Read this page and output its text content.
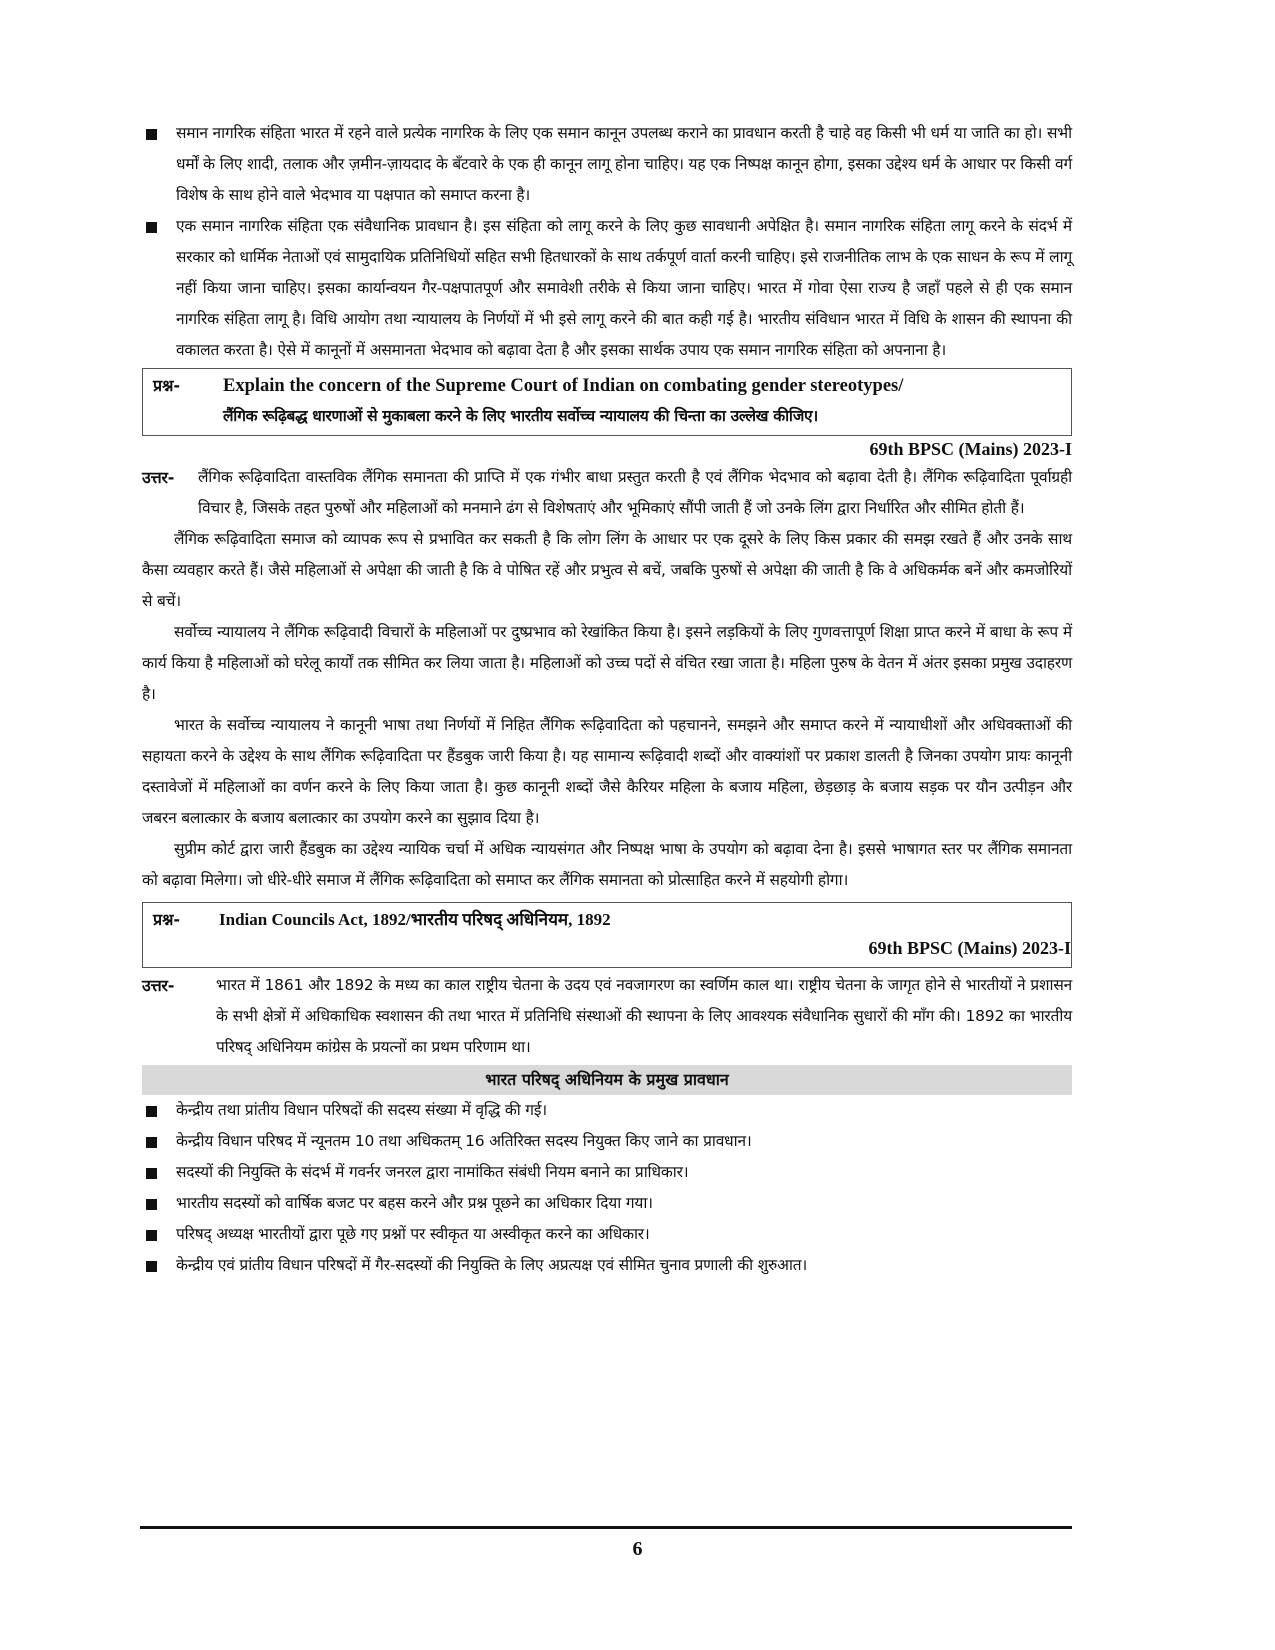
समान नागरिक संहिता भारत में रहने वाले प्रत्येक नागरिक के लिए एक समान कानून उपलब्ध कराने का प्रावधान करती है चाहे वह किसी भी धर्म या जाति का हो। सभी धर्मों के लिए शादी, तलाक और ज़मीन-ज़ायदाद के बँटवारे के एक ही कानून लागू होना चाहिए। यह एक निष्पक्ष कानून होगा, इसका उद्देश्य धर्म के आधार पर किसी वर्ग विशेष के साथ होने वाले भेदभाव या पक्षपात को समाप्त करना है।
एक समान नागरिक संहिता एक संवैधानिक प्रावधान है। इस संहिता को लागू करने के लिए कुछ सावधानी अपेक्षित है। समान नागरिक संहिता लागू करने के संदर्भ में सरकार को धार्मिक नेताओं एवं सामुदायिक प्रतिनिधियों सहित सभी हितधारकों के साथ तर्कपूर्ण वार्ता करनी चाहिए। इसे राजनीतिक लाभ के एक साधन के रूप में लागू नहीं किया जाना चाहिए। इसका कार्यान्वयन गैर-पक्षपातपूर्ण और समावेशी तरीके से किया जाना चाहिए। भारत में गोवा ऐसा राज्य है जहाँ पहले से ही एक समान नागरिक संहिता लागू है। विधि आयोग तथा न्यायालय के निर्णयों में भी इसे लागू करने की बात कही गई है। भारतीय संविधान भारत में विधि के शासन की स्थापना की वकालत करता है। ऐसे में कानूनों में असमानता भेदभाव को बढ़ावा देता है और इसका सार्थक उपाय एक समान नागरिक संहिता को अपनाना है।
प्रश्न-	Explain the concern of the Supreme Court of Indian on combating gender stereotypes/
लैंगिक रूढ़िबद्ध धारणाओं से मुकाबला करने के लिए भारतीय सर्वोच्च न्यायालय की चिन्ता का उल्लेख कीजिए।
69th BPSC (Mains) 2023-I
उत्तर-	लैंगिक रूढ़िवादिता वास्तविक लैंगिक समानता की प्राप्ति में एक गंभीर बाधा प्रस्तुत करती है एवं लैंगिक भेदभाव को बढ़ावा देती है। लैंगिक रूढ़िवादिता पूर्वाग्रही विचार है, जिसके तहत पुरुषों और महिलाओं को मनमाने ढंग से विशेषताएं और भूमिकाएं सौंपी जाती हैं जो उनके लिंग द्वारा निर्धारित और सीमित होती हैं।
लैंगिक रूढ़िवादिता समाज को व्यापक रूप से प्रभावित कर सकती है कि लोग लिंग के आधार पर एक दूसरे के लिए किस प्रकार की समझ रखते हैं और उनके साथ कैसा व्यवहार करते हैं। जैसे महिलाओं से अपेक्षा की जाती है कि वे पोषित रहें और प्रभुत्व से बचें, जबकि पुरुषों से अपेक्षा की जाती है कि वे अधिकर्मक बनें और कमजोरियों से बचें।
सर्वोच्च न्यायालय ने लैंगिक रूढ़िवादी विचारों के महिलाओं पर दुष्प्रभाव को रेखांकित किया है। इसने लड़कियों के लिए गुणवत्तापूर्ण शिक्षा प्राप्त करने में बाधा के रूप में कार्य किया है महिलाओं को घरेलू कार्यों तक सीमित कर लिया जाता है। महिलाओं को उच्च पदों से वंचित रखा जाता है। महिला पुरुष के वेतन में अंतर इसका प्रमुख उदाहरण है।
भारत के सर्वोच्च न्यायालय ने कानूनी भाषा तथा निर्णयों में निहित लैंगिक रूढ़िवादिता को पहचानने, समझने और समाप्त करने में न्यायाधीशों और अधिवक्ताओं की सहायता करने के उद्देश्य के साथ लैंगिक रूढ़िवादिता पर हैंडबुक जारी किया है। यह सामान्य रूढ़िवादी शब्दों और वाक्यांशों पर प्रकाश डालती है जिनका उपयोग प्रायः कानूनी दस्तावेजों में महिलाओं का वर्णन करने के लिए किया जाता है। कुछ कानूनी शब्दों जैसे कैरियर महिला के बजाय महिला, छेड़छाड़ के बजाय सड़क पर यौन उत्पीड़न और जबरन बलात्कार के बजाय बलात्कार का उपयोग करने का सुझाव दिया है।
सुप्रीम कोर्ट द्वारा जारी हैंडबुक का उद्देश्य न्यायिक चर्चा में अधिक न्यायसंगत और निष्पक्ष भाषा के उपयोग को बढ़ावा देना है। इससे भाषागत स्तर पर लैंगिक समानता को बढ़ावा मिलेगा। जो धीरे-धीरे समाज में लैंगिक रूढ़िवादिता को समाप्त कर लैंगिक समानता को प्रोत्साहित करने में सहयोगी होगा।
प्रश्न-	Indian Councils Act, 1892/भारतीय परिषद् अधिनियम, 1892
69th BPSC (Mains) 2023-I
उत्तर-	भारत में 1861 और 1892 के मध्य का काल राष्ट्रीय चेतना के उदय एवं नवजागरण का स्वर्णिम काल था। राष्ट्रीय चेतना के जागृत होने से भारतीयों ने प्रशासन के सभी क्षेत्रों में अधिकाधिक स्वशासन की तथा भारत में प्रतिनिधि संस्थाओं की स्थापना के लिए आवश्यक संवैधानिक सुधारों की माँग की। 1892 का भारतीय परिषद् अधिनियम कांग्रेस के प्रयत्नों का प्रथम परिणाम था।
भारत परिषद् अधिनियम के प्रमुख प्रावधान
केन्द्रीय तथा प्रांतीय विधान परिषदों की सदस्य संख्या में वृद्धि की गई।
केन्द्रीय विधान परिषद में न्यूनतम 10 तथा अधिकतम् 16 अतिरिक्त सदस्य नियुक्त किए जाने का प्रावधान।
सदस्यों की नियुक्ति के संदर्भ में गवर्नर जनरल द्वारा नामांकित संबंधी नियम बनाने का प्राधिकार।
भारतीय सदस्यों को वार्षिक बजट पर बहस करने और प्रश्न पूछने का अधिकार दिया गया।
परिषद् अध्यक्ष भारतीयों द्वारा पूछे गए प्रश्नों पर स्वीकृत या अस्वीकृत करने का अधिकार।
केन्द्रीय एवं प्रांतीय विधान परिषदों में गैर-सदस्यों की नियुक्ति के लिए अप्रत्यक्ष एवं सीमित चुनाव प्रणाली की शुरुआत।
6
